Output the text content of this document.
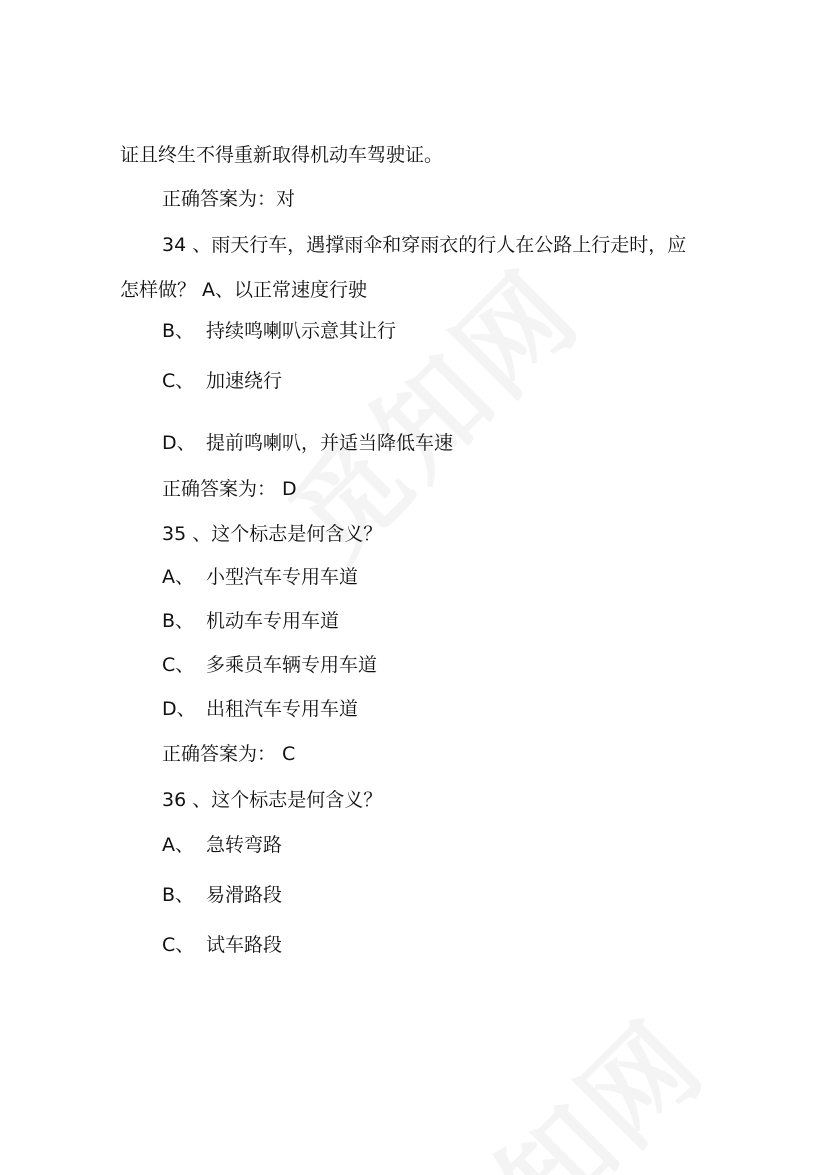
证且终生不得重新取得机动车驾驶证。
正确答案为：对
34 、雨天行车，遇撑雨伞和穿雨衣的行人在公路上行走时，应
怎样做？ A、以正常速度行驶
B、 持续鸣喇叭示意其让行
C、 加速绕行
D、 提前鸣喇叭，并适当降低车速
正确答案为： D
35 、这个标志是何含义？
A、 小型汽车专用车道
B、 机动车专用车道
C、 多乘员车辆专用车道
D、 出租汽车专用车道
正确答案为： C
36 、这个标志是何含义？
A、 急转弯路
B、 易滑路段
C、 试车路段
